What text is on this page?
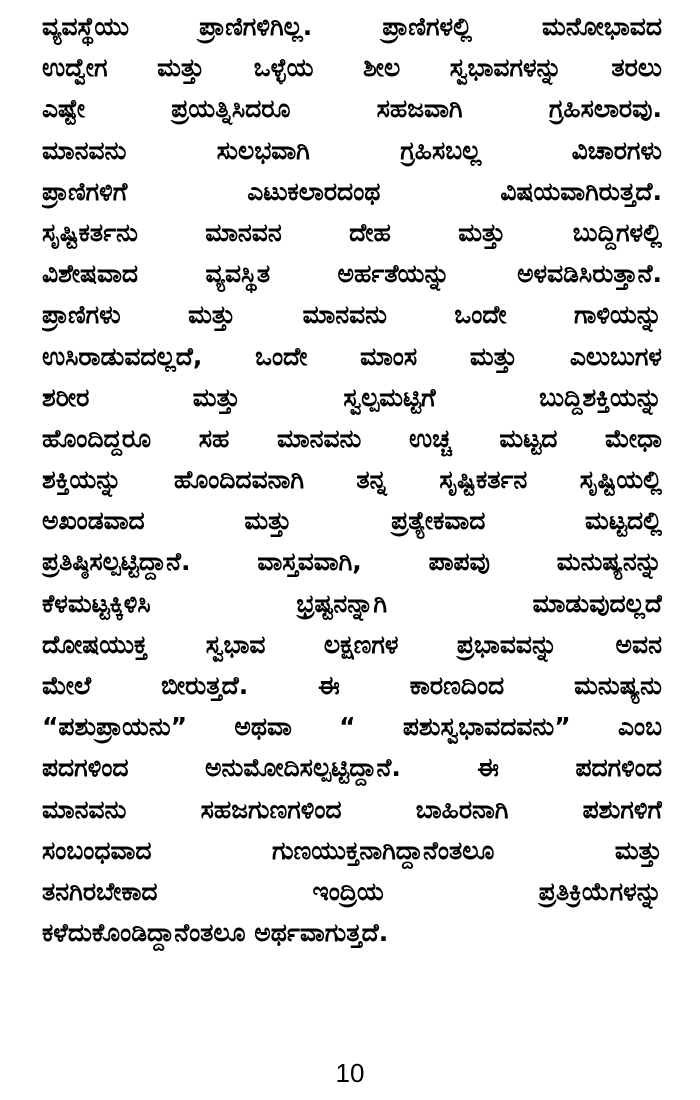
ವ್ಯವಸ್ಥೆಯು ಪ್ರಾಣಿಗಳಿಗಿಲ್ಲ. ಪ್ರಾಣಿಗಳಲ್ಲಿ ಮನೋಭಾವದ
ಉದ್ವೇಗ ಮತ್ತು ಒಳ್ಳೆಯ ಶೀಲ ಸ್ವಭಾವಗಳನ್ನು ತರಲು
ಎಷ್ಟೇ ಪ್ರಯತ್ನಿಸಿದರೂ ಸಹಜವಾಗಿ ಗ್ರಹಿಸಲಾರವು.
ಮಾನವನು ಸುಲಭವಾಗಿ ಗ್ರಹಿಸಬಲ್ಲ ವಿಚಾರಗಳು
ಪ್ರಾಣಿಗಳಿಗೆ ಎಟುಕಲಾರದಂಥ ವಿಷಯವಾಗಿರುತ್ತದೆ.
ಸೃಷ್ಟಿಕರ್ತನು ಮಾನವನ ದೇಹ ಮತ್ತು ಬುದ್ದಿಗಳಲ್ಲಿ
ವಿಶೇಷವಾದ ವ್ಯವಸ್ಥಿತ ಅರ್ಹತೆಯನ್ನು ಅಳವಡಿಸಿರುತ್ತಾನೆ.
ಪ್ರಾಣಿಗಳು ಮತ್ತು ಮಾನವನು ಒಂದೇ ಗಾಳಿಯನ್ನು
ಉಸಿರಾಡುವದಲ್ಲದೆ, ಒಂದೇ ಮಾಂಸ ಮತ್ತು ಎಲುಬುಗಳ
ಶರೀರ ಮತ್ತು ಸ್ವಲ್ಪಮಟ್ಟಿಗೆ ಬುದ್ದಿಶಕ್ತಿಯನ್ನು
ಹೊಂದಿದ್ದರೂ ಸಹ ಮಾನವನು ಉಚ್ಚ ಮಟ್ಟದ ಮೇಧಾ
ಶಕ್ತಿಯನ್ನು ಹೊಂದಿದವನಾಗಿ ತನ್ನ ಸೃಷ್ಟಿಕರ್ತನ ಸೃಷ್ಟಿಯಲ್ಲಿ
ಅಖಂಡವಾದ ಮತ್ತು ಪ್ರತ್ಯೇಕವಾದ ಮಟ್ಟದಲ್ಲಿ
ಪ್ರತಿಷ್ಠಿಸಲ್ಪಟ್ಟಿದ್ದಾನೆ. ವಾಸ್ತವವಾಗಿ, ಪಾಪವು ಮನುಷ್ಯನನ್ನು
ಕೆಳಮಟ್ಟಕ್ಕಿಳಿಸಿ ಭ್ರಷ್ಟನನ್ನಾಗಿ ಮಾಡುವುದಲ್ಲದೆ
ದೋಷಯುಕ್ತ ಸ್ವಭಾವ ಲಕ್ಷಣಗಳ ಪ್ರಭಾವವನ್ನು ಅವನ
ಮೇಲೆ ಬೀರುತ್ತದೆ. ಈ ಕಾರಣದಿಂದ ಮನುಷ್ಯನು
“ಪಶುಪ್ರಾಯನು” ಅಥವಾ “ ಪಶುಸ್ವಭಾವದವನು” ಎಂಬ
ಪದಗಳಿಂದ ಅನುಮೋದಿಸಲ್ಪಟ್ಟಿದ್ದಾನೆ. ಈ ಪದಗಳಿಂದ
ಮಾನವನು ಸಹಜಗುಣಗಳಿಂದ ಬಾಹಿರನಾಗಿ ಪಶುಗಳಿಗೆ
ಸಂಬಂಧವಾದ ಗುಣಯುಕ್ತನಾಗಿದ್ದಾನೆಂತಲೂ ಮತ್ತು
ತನಗಿರಬೇಕಾದ ಇಂದ್ರಿಯ ಪ್ರತಿಕ್ರಿಯೆಗಳನ್ನು
ಕಳೆದುಕೊಂಡಿದ್ದಾನೆಂತಲೂ ಅರ್ಥವಾಗುತ್ತದೆ.
10
